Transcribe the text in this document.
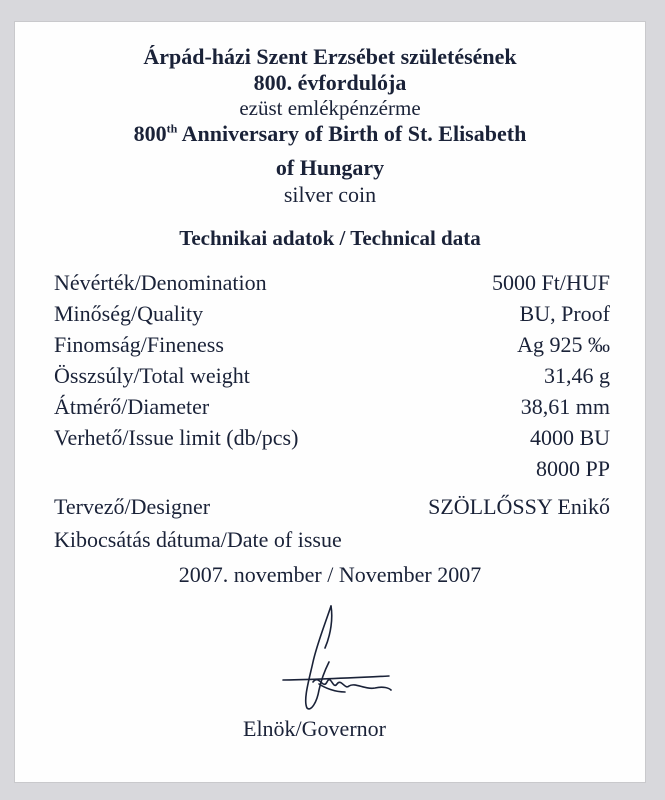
Árpád-házi Szent Erzsébet születésének
800. évfordulója
ezüst emlékpénzérme
800th Anniversary of Birth of St. Elisabeth
of Hungary
silver coin
Technikai adatok / Technical data
Névérték/Denomination	5000 Ft/HUF
Minőség/Quality	BU, Proof
Finomság/Fineness	Ag 925 ‰
Összsúly/Total weight	31,46 g
Átmérő/Diameter	38,61 mm
Verhető/Issue limit (db/pcs)	4000 BU
8000 PP
Tervező/Designer	SZÖLLŐSSY Enikő
Kibocsátás dátuma/Date of issue
2007. november / November 2007
Elnök/Governor
